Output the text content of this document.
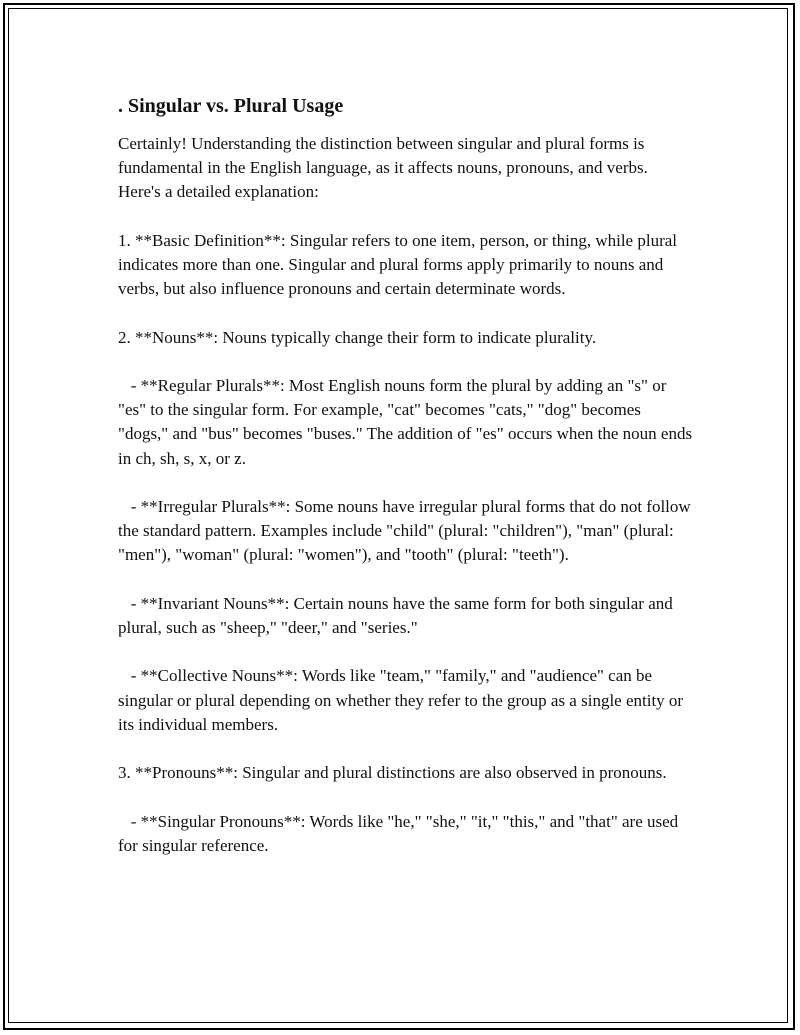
. Singular vs. Plural Usage

Certainly! Understanding the distinction between singular and plural forms is fundamental in the English language, as it affects nouns, pronouns, and verbs. Here's a detailed explanation:

1. **Basic Definition**: Singular refers to one item, person, or thing, while plural indicates more than one. Singular and plural forms apply primarily to nouns and verbs, but also influence pronouns and certain determinate words.

2. **Nouns**: Nouns typically change their form to indicate plurality.

- **Regular Plurals**: Most English nouns form the plural by adding an "s" or "es" to the singular form. For example, "cat" becomes "cats," "dog" becomes "dogs," and "bus" becomes "buses." The addition of "es" occurs when the noun ends in ch, sh, s, x, or z.

- **Irregular Plurals**: Some nouns have irregular plural forms that do not follow the standard pattern. Examples include "child" (plural: "children"), "man" (plural: "men"), "woman" (plural: "women"), and "tooth" (plural: "teeth").

- **Invariant Nouns**: Certain nouns have the same form for both singular and plural, such as "sheep," "deer," and "series."

- **Collective Nouns**: Words like "team," "family," and "audience" can be singular or plural depending on whether they refer to the group as a single entity or its individual members.

3. **Pronouns**: Singular and plural distinctions are also observed in pronouns.

- **Singular Pronouns**: Words like "he," "she," "it," "this," and "that" are used for singular reference.
